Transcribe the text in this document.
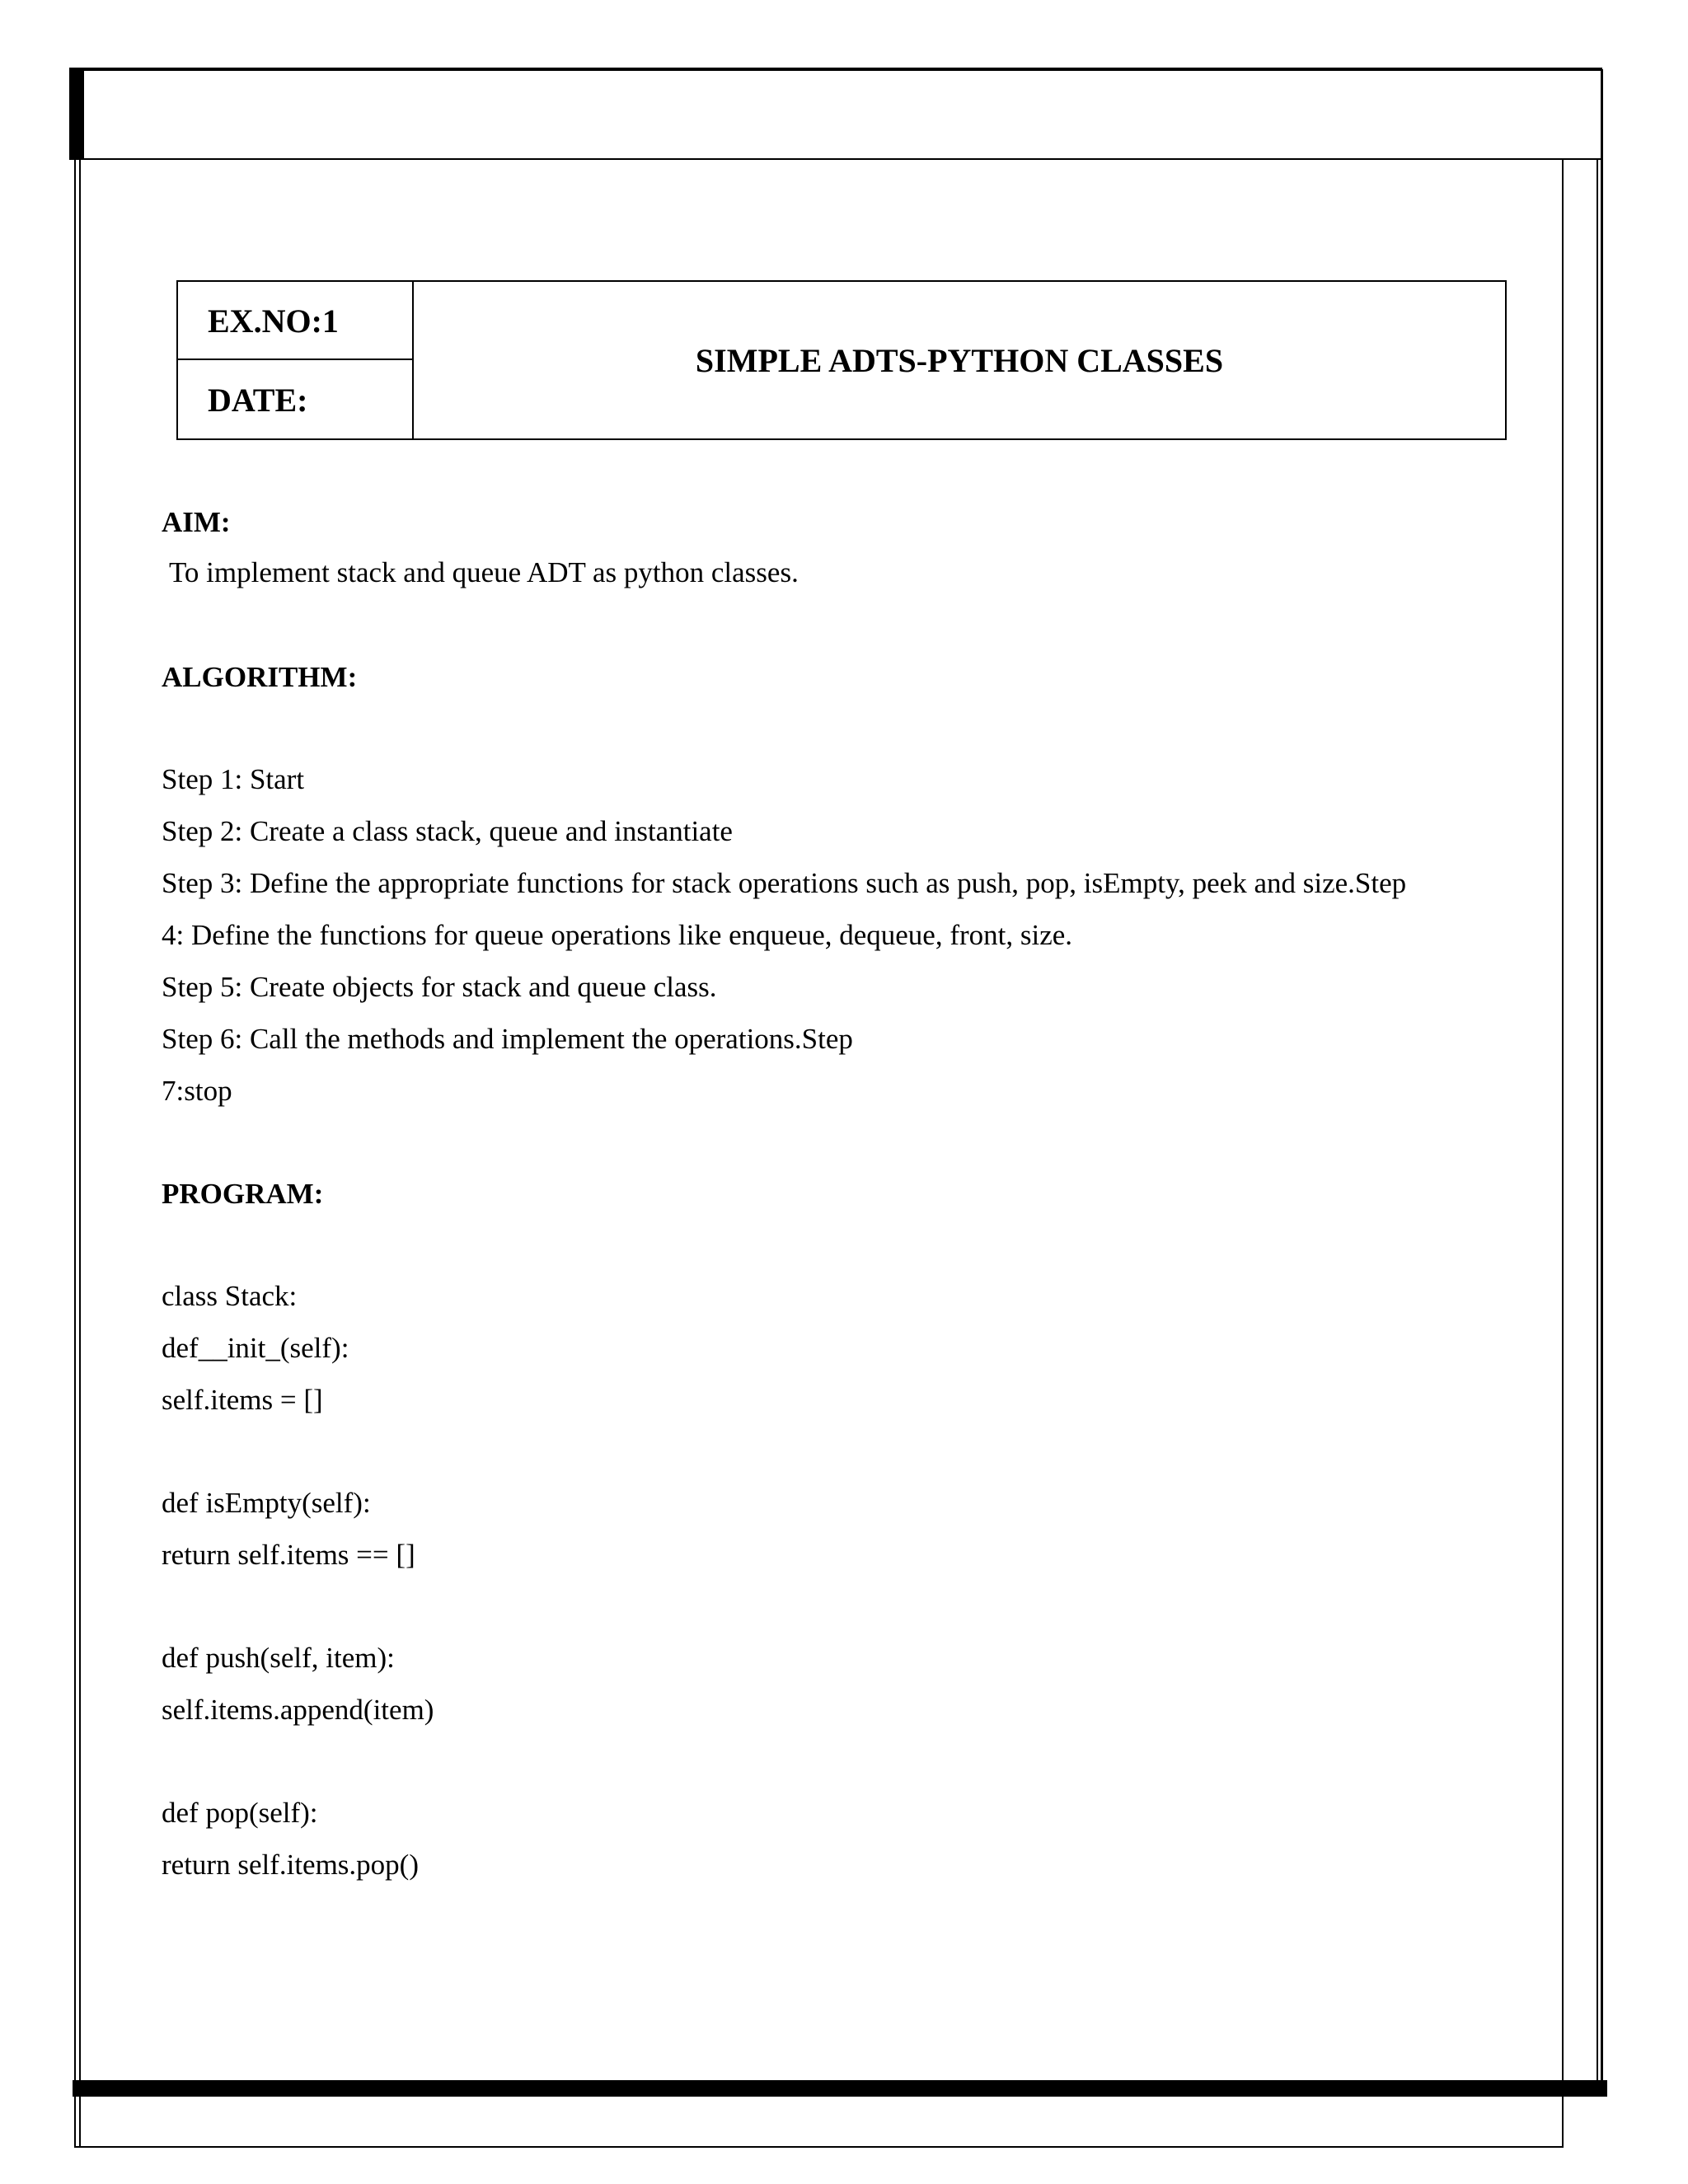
EX.NO:1
DATE:
SIMPLE ADTS-PYTHON CLASSES
AIM:
To implement stack and queue ADT as python classes.
ALGORITHM:
Step 1: Start
Step 2: Create a class stack, queue and instantiate
Step 3: Define the appropriate functions for stack operations such as push, pop, isEmpty, peek and size.Step
4: Define the functions for queue operations like enqueue, dequeue, front, size.
Step 5: Create objects for stack and queue class.
Step 6: Call the methods and implement the operations.Step
7:stop
PROGRAM:
class Stack:
def__init_(self):
self.items = []
def isEmpty(self):
return self.items == []
def push(self, item):
self.items.append(item)
def pop(self):
return self.items.pop()
